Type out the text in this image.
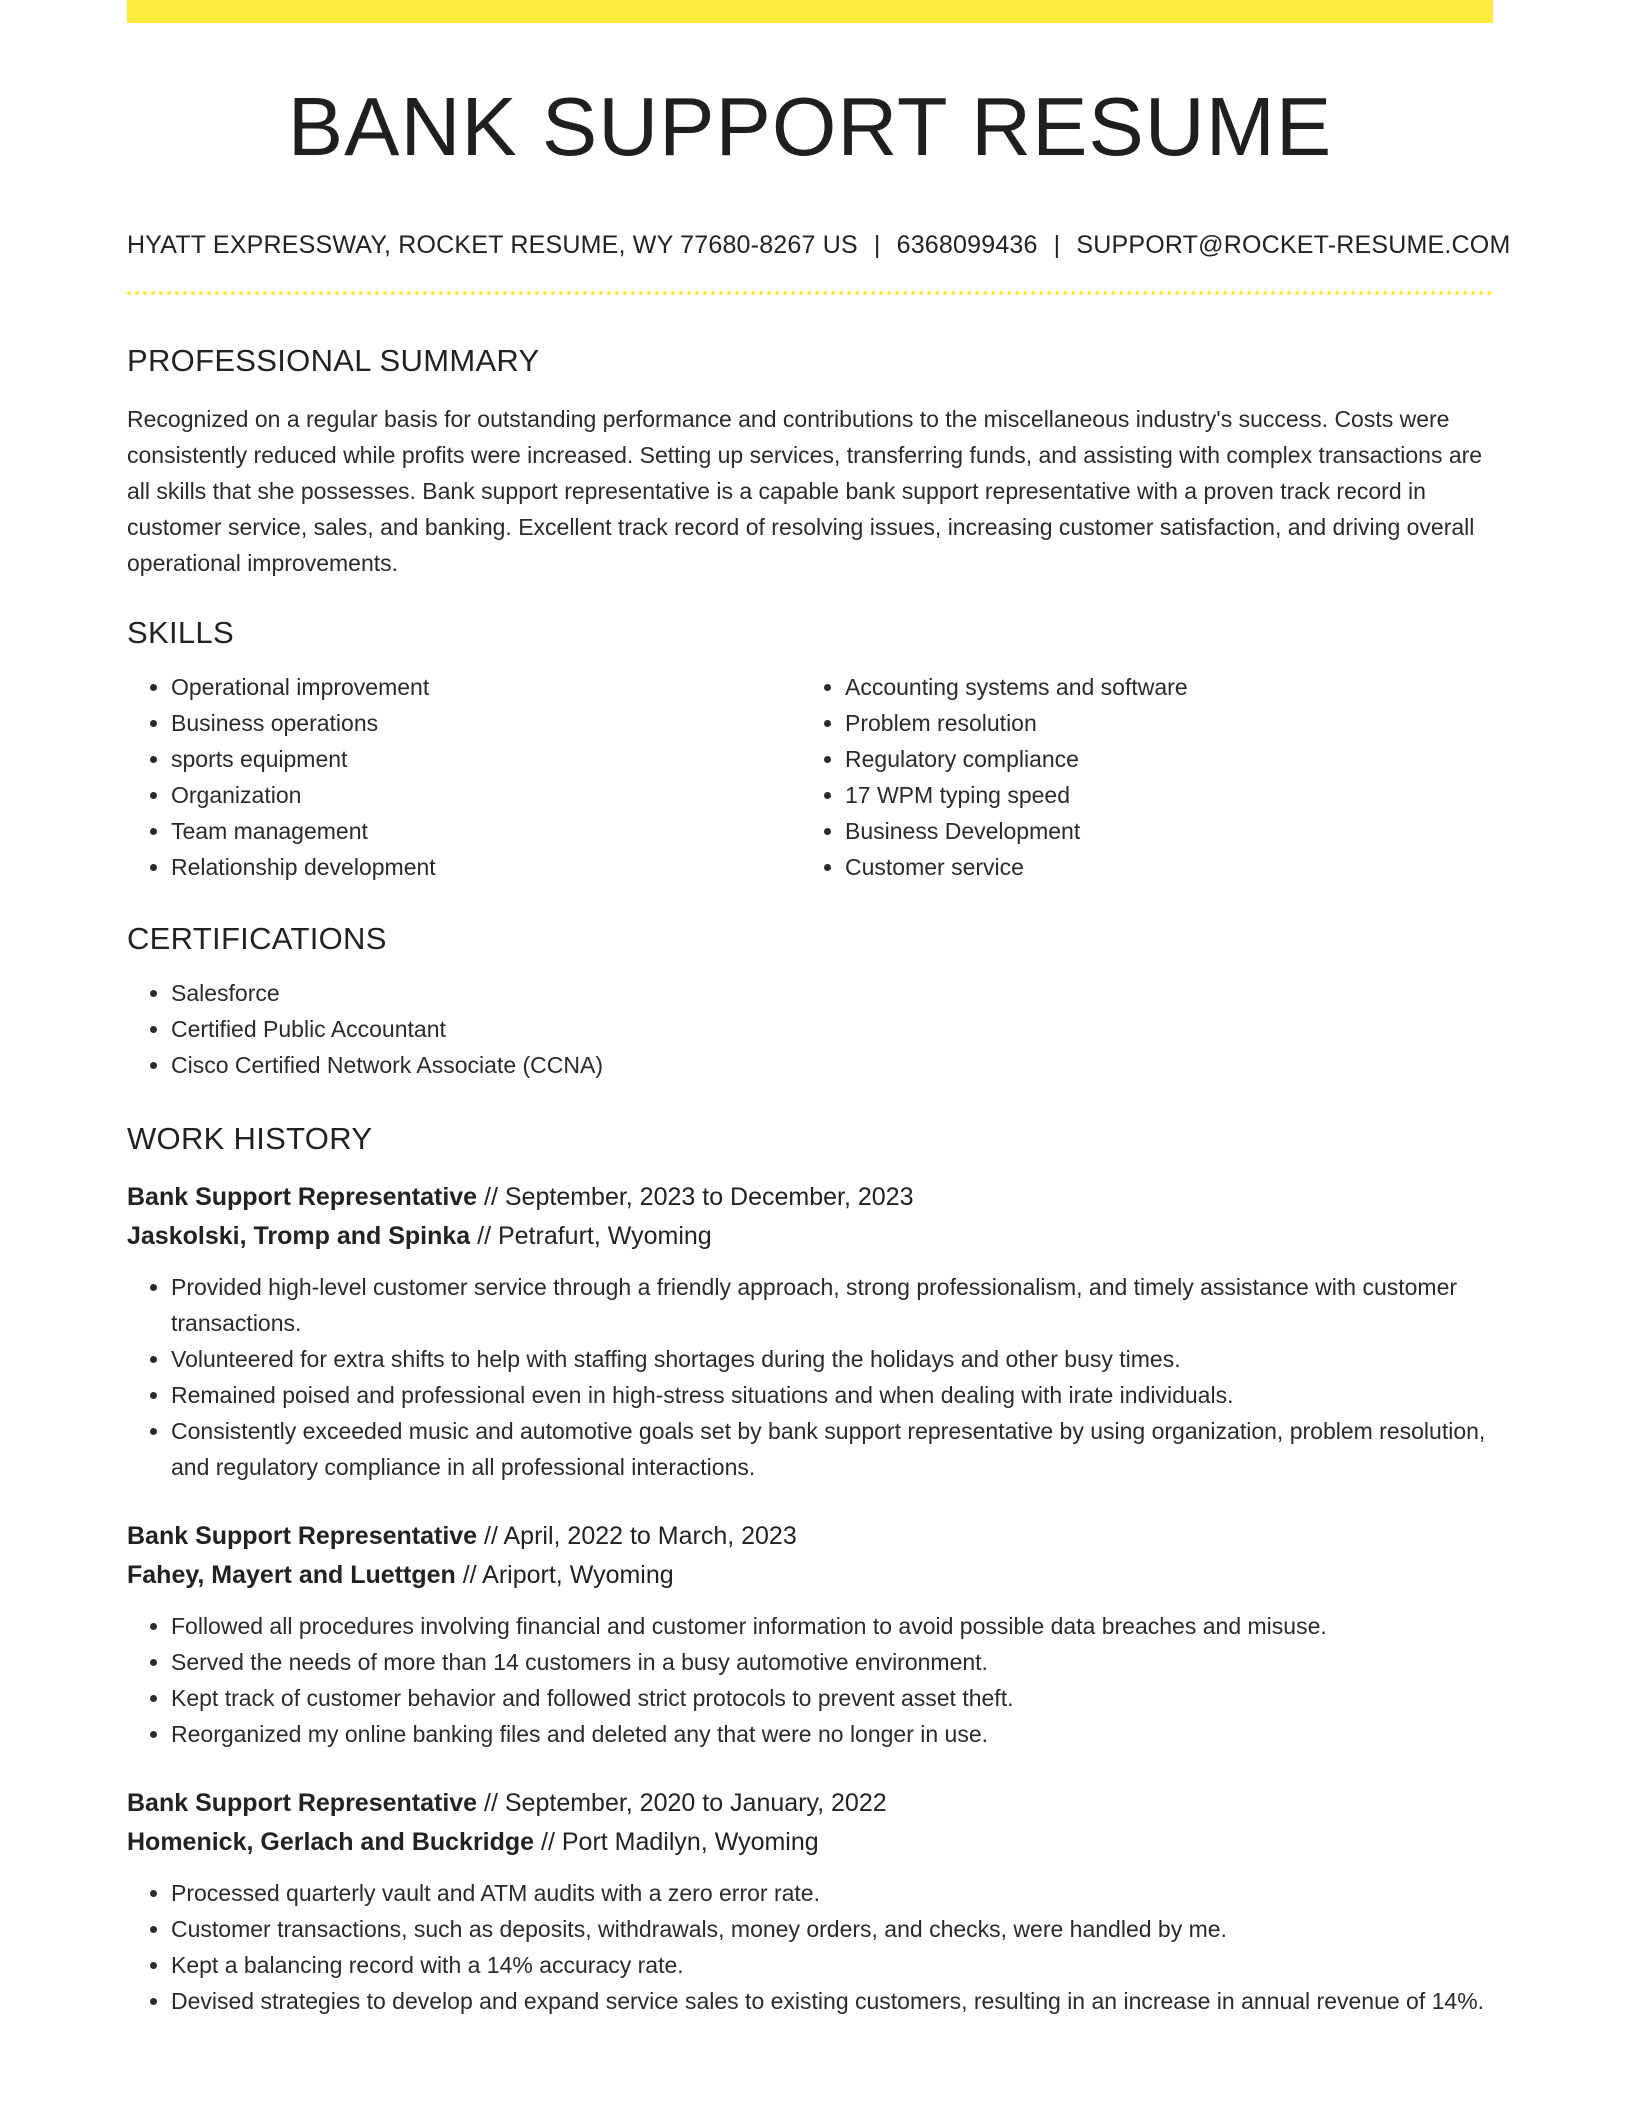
BANK SUPPORT RESUME
HYATT EXPRESSWAY, ROCKET RESUME, WY 77680-8267 US | 6368099436 | SUPPORT@ROCKET-RESUME.COM
PROFESSIONAL SUMMARY

Recognized on a regular basis for outstanding performance and contributions to the miscellaneous industry's success. Costs were consistently reduced while profits were increased. Setting up services, transferring funds, and assisting with complex transactions are all skills that she possesses. Bank support representative is a capable bank support representative with a proven track record in customer service, sales, and banking. Excellent track record of resolving issues, increasing customer satisfaction, and driving overall operational improvements.

SKILLS
• Operational improvement
• Business operations
• sports equipment
• Organization
• Team management
• Relationship development
• Accounting systems and software
• Problem resolution
• Regulatory compliance
• 17 WPM typing speed
• Business Development
• Customer service
CERTIFICATIONS
• Salesforce
• Certified Public Accountant
• Cisco Certified Network Associate (CCNA)
WORK HISTORY
Bank Support Representative // September, 2023 to December, 2023
Jaskolski, Tromp and Spinka // Petrafurt, Wyoming
• Provided high-level customer service through a friendly approach, strong professionalism, and timely assistance with customer transactions.
• Volunteered for extra shifts to help with staffing shortages during the holidays and other busy times.
• Remained poised and professional even in high-stress situations and when dealing with irate individuals.
• Consistently exceeded music and automotive goals set by bank support representative by using organization, problem resolution, and regulatory compliance in all professional interactions.
Bank Support Representative // April, 2022 to March, 2023
Fahey, Mayert and Luettgen // Ariport, Wyoming
• Followed all procedures involving financial and customer information to avoid possible data breaches and misuse.
• Served the needs of more than 14 customers in a busy automotive environment.
• Kept track of customer behavior and followed strict protocols to prevent asset theft.
• Reorganized my online banking files and deleted any that were no longer in use.
Bank Support Representative // September, 2020 to January, 2022
Homenick, Gerlach and Buckridge // Port Madilyn, Wyoming
• Processed quarterly vault and ATM audits with a zero error rate.
• Customer transactions, such as deposits, withdrawals, money orders, and checks, were handled by me.
• Kept a balancing record with a 14% accuracy rate.
• Devised strategies to develop and expand service sales to existing customers, resulting in an increase in annual revenue of 14%.
